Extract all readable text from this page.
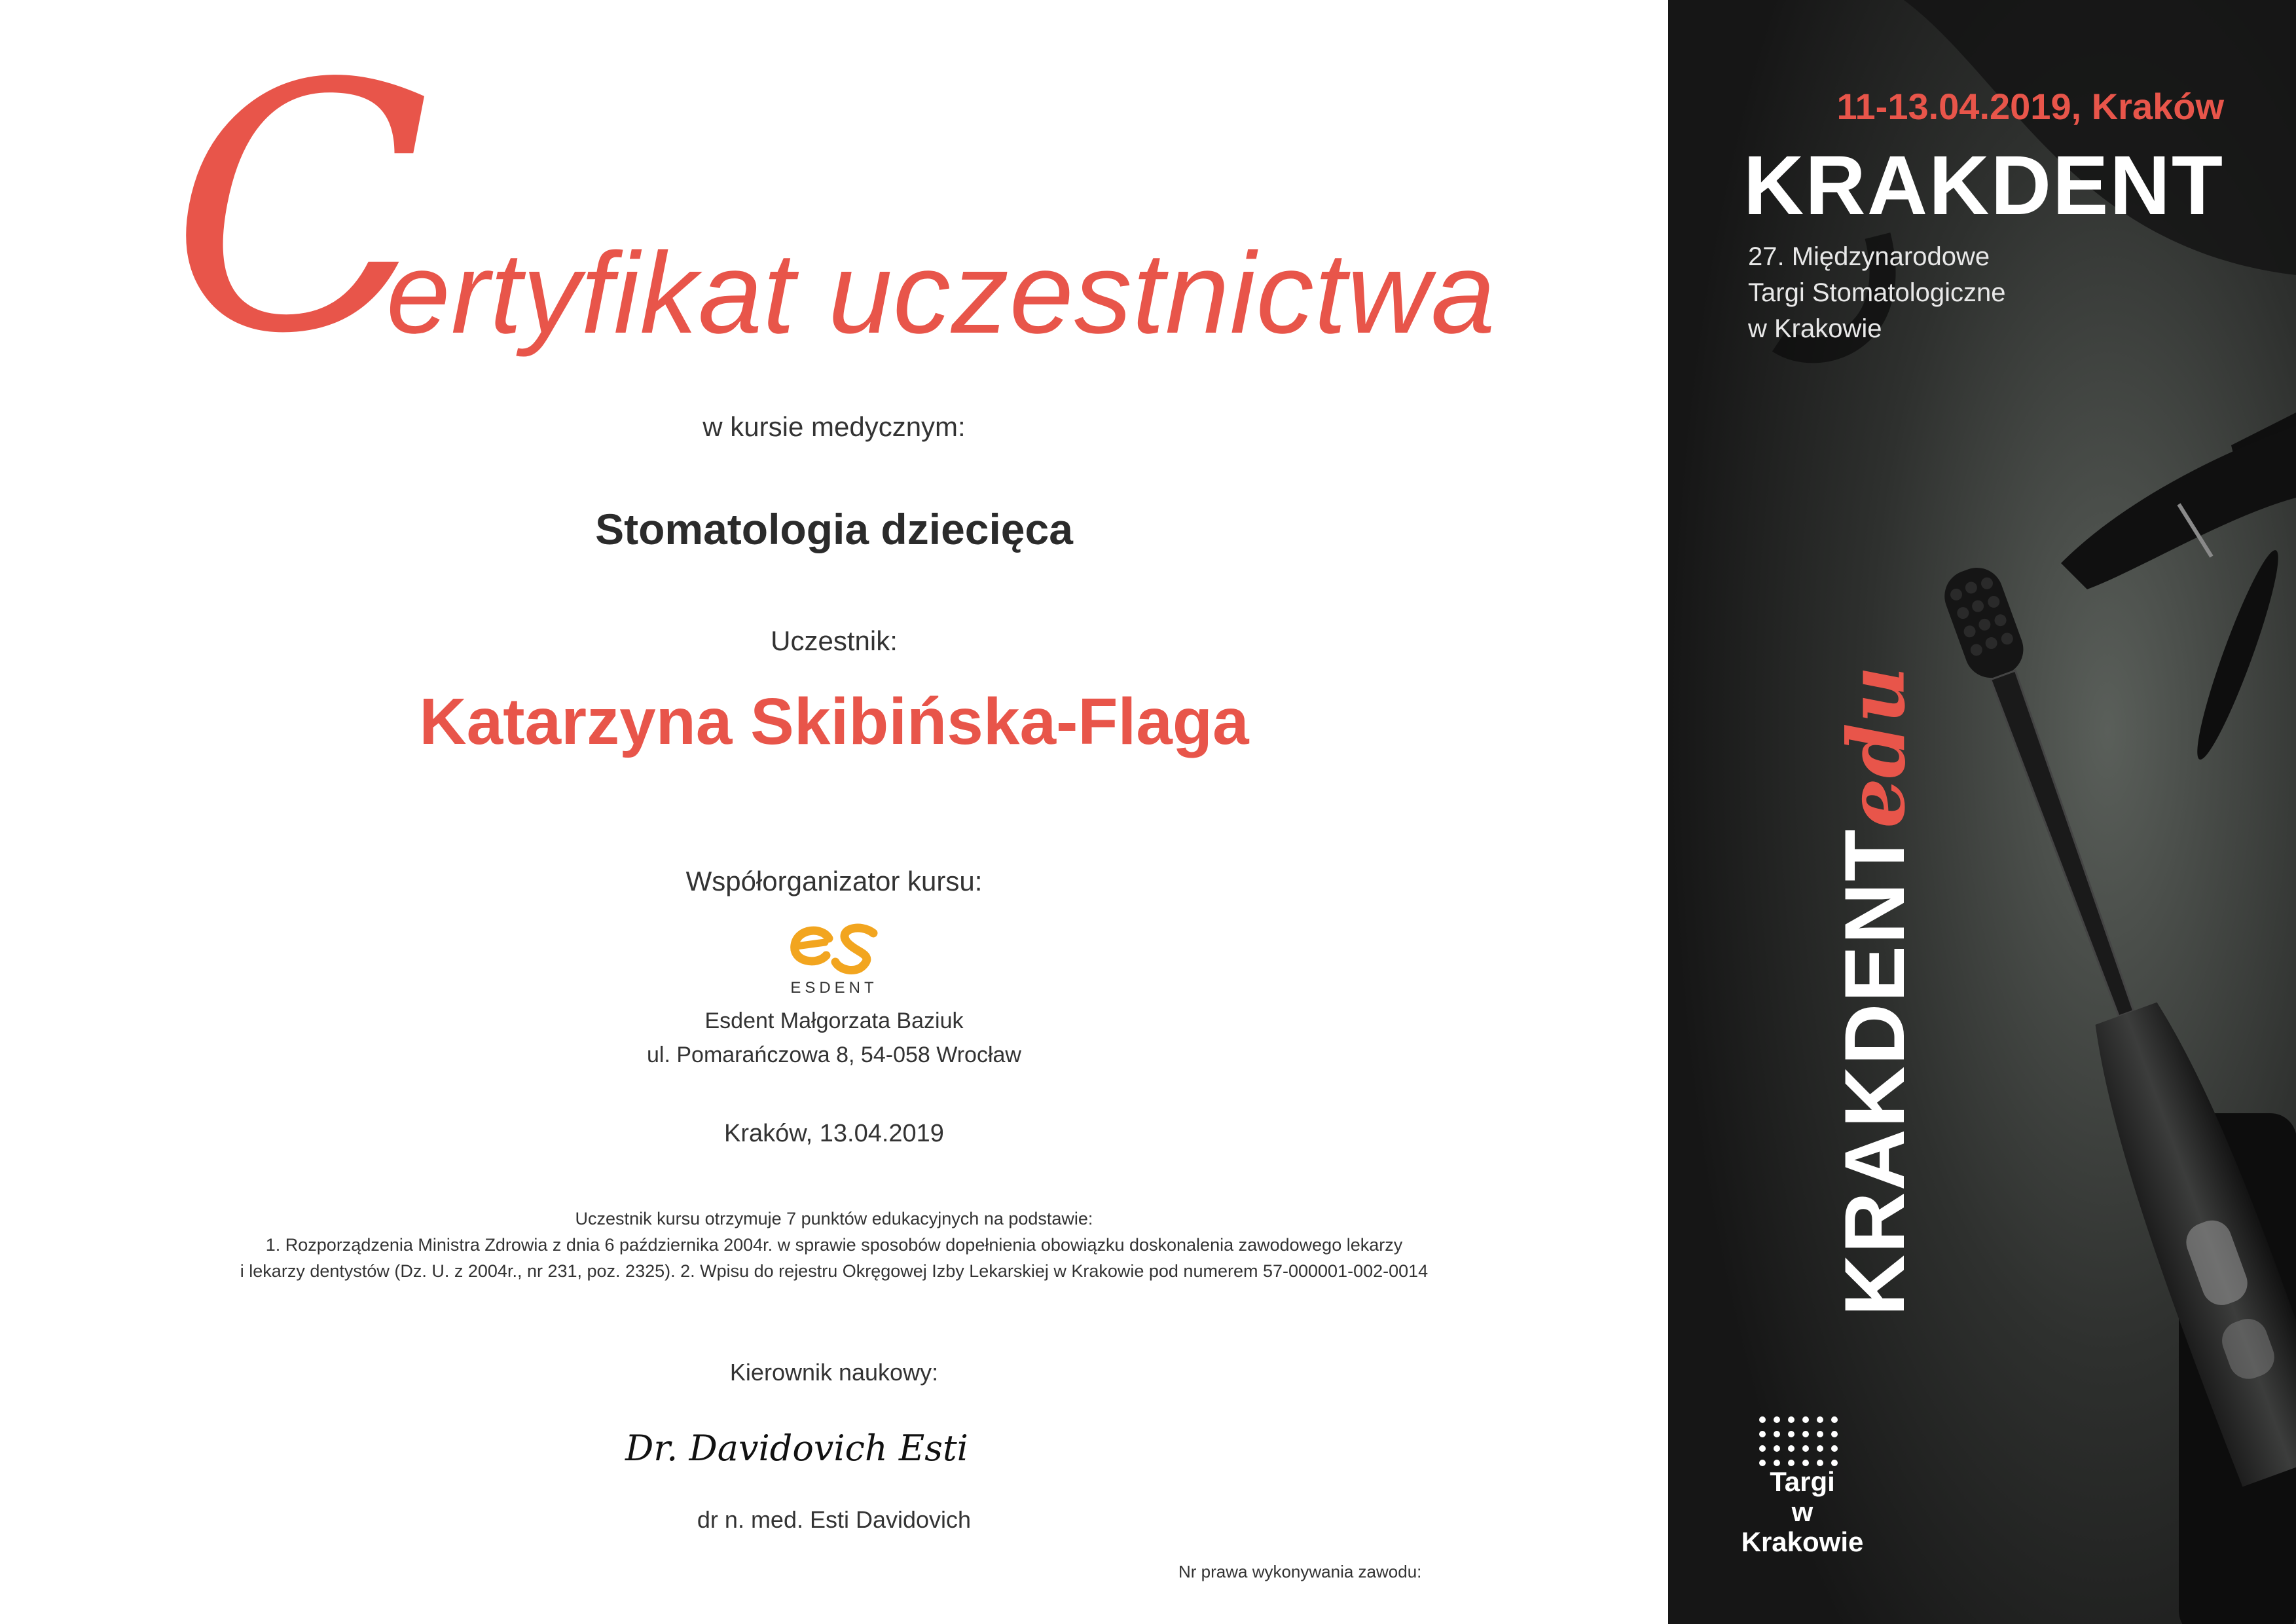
C
ertyfikat uczestnictwa
w kursie medycznym:
Stomatologia dziecięca
Uczestnik:
Katarzyna Skibińska-Flaga
Współorganizator kursu:
ESDENT
Esdent Małgorzata Baziuk
ul. Pomarańczowa 8, 54-058 Wrocław
Kraków, 13.04.2019
Uczestnik kursu otrzymuje 7 punktów edukacyjnych na podstawie:
1. Rozporządzenia Ministra Zdrowia z dnia 6 października 2004r. w sprawie sposobów dopełnienia obowiązku doskonalenia zawodowego lekarzy
i lekarzy dentystów (Dz. U. z 2004r., nr 231, poz. 2325). 2. Wpisu do rejestru Okręgowej Izby Lekarskiej w Krakowie pod numerem 57-000001-002-0014
Kierownik naukowy:
Dr. Davidovich Esti
dr n. med. Esti Davidovich
Nr prawa wykonywania zawodu:
11-13.04.2019, Kraków
KRAKDENT
27. Międzynarodowe
Targi Stomatologiczne
w Krakowie
KRAKDENTedu
Targi
w Krakowie
